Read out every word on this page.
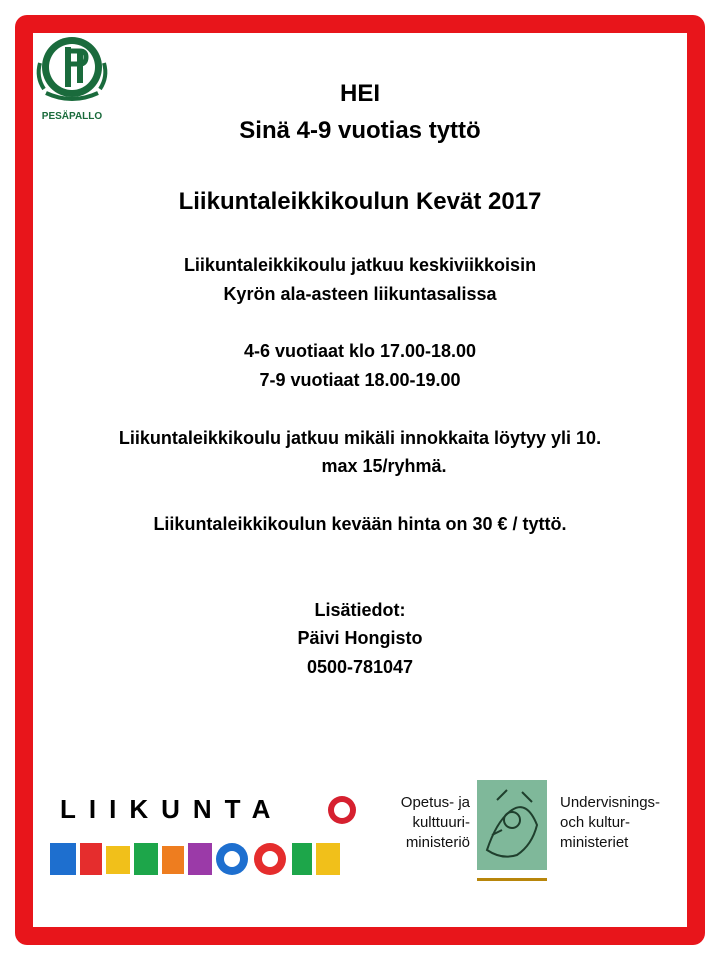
PESÄPALLO
HEI
Sinä 4-9 vuotias tyttö
Liikuntaleikkikoulun Kevät 2017
Liikuntaleikkikoulu jatkuu keskiviikkoisin
Kyrön ala-asteen liikuntasalissa
4-6 vuotiaat klo 17.00-18.00
7-9 vuotiaat 18.00-19.00
Liikuntaleikkikoulu jatkuu mikäli innokkaita löytyy yli 10.
max 15/ryhmä.
Liikuntaleikkikoulun kevään hinta on 30 € / tyttö.
Lisätiedot:
Päivi Hongisto
0500-781047
LIIKUNTA
LEIKKIKOULU
Opetus- ja
kulttuuri-
ministeriö
Undervisnings-
och kultur-
ministeriet
